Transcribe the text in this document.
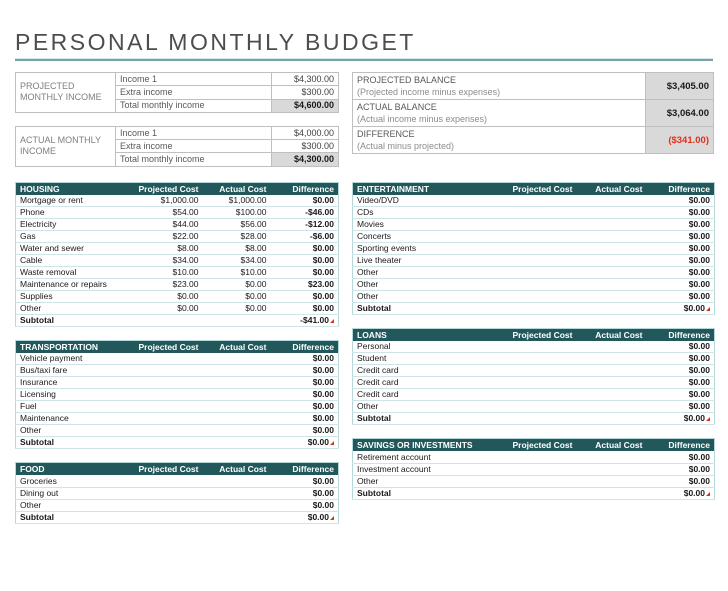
PERSONAL MONTHLY BUDGET
PROJECTED MONTHLY INCOME	Income 1	$4,300.00
	Extra income	$300.00
	Total monthly income	$4,600.00
ACTUAL MONTHLY INCOME	Income 1	$4,000.00
	Extra income	$300.00
	Total monthly income	$4,300.00
PROJECTED BALANCE
(Projected income minus expenses)	$3,405.00

ACTUAL BALANCE
(Actual income minus expenses)	$3,064.00

DIFFERENCE
(Actual minus projected)	($341.00)
HOUSING	Projected Cost	Actual Cost	Difference
Mortgage or rent	$1,000.00	$1,000.00	$0.00
Phone	$54.00	$100.00	-$46.00
Electricity	$44.00	$56.00	-$12.00
Gas	$22.00	$28.00	-$6.00
Water and sewer	$8.00	$8.00	$0.00
Cable	$34.00	$34.00	$0.00
Waste removal	$10.00	$10.00	$0.00
Maintenance or repairs	$23.00	$0.00	$23.00
Supplies	$0.00	$0.00	$0.00
Other	$0.00	$0.00	$0.00
Subtotal			-$41.00
TRANSPORTATION	Projected Cost	Actual Cost	Difference
Vehicle payment			$0.00
Bus/taxi fare			$0.00
Insurance			$0.00
Licensing			$0.00
Fuel			$0.00
Maintenance			$0.00
Other			$0.00
Subtotal			$0.00
FOOD	Projected Cost	Actual Cost	Difference
Groceries			$0.00
Dining out			$0.00
Other			$0.00
Subtotal			$0.00
ENTERTAINMENT	Projected Cost	Actual Cost	Difference
Video/DVD			$0.00
CDs			$0.00
Movies			$0.00
Concerts			$0.00
Sporting events			$0.00
Live theater			$0.00
Other			$0.00
Other			$0.00
Other			$0.00
Subtotal			$0.00
LOANS	Projected Cost	Actual Cost	Difference
Personal			$0.00
Student			$0.00
Credit card			$0.00
Credit card			$0.00
Credit card			$0.00
Other			$0.00
Subtotal			$0.00
SAVINGS OR INVESTMENTS	Projected Cost	Actual Cost	Difference
Retirement account			$0.00
Investment account			$0.00
Other			$0.00
Subtotal			$0.00
